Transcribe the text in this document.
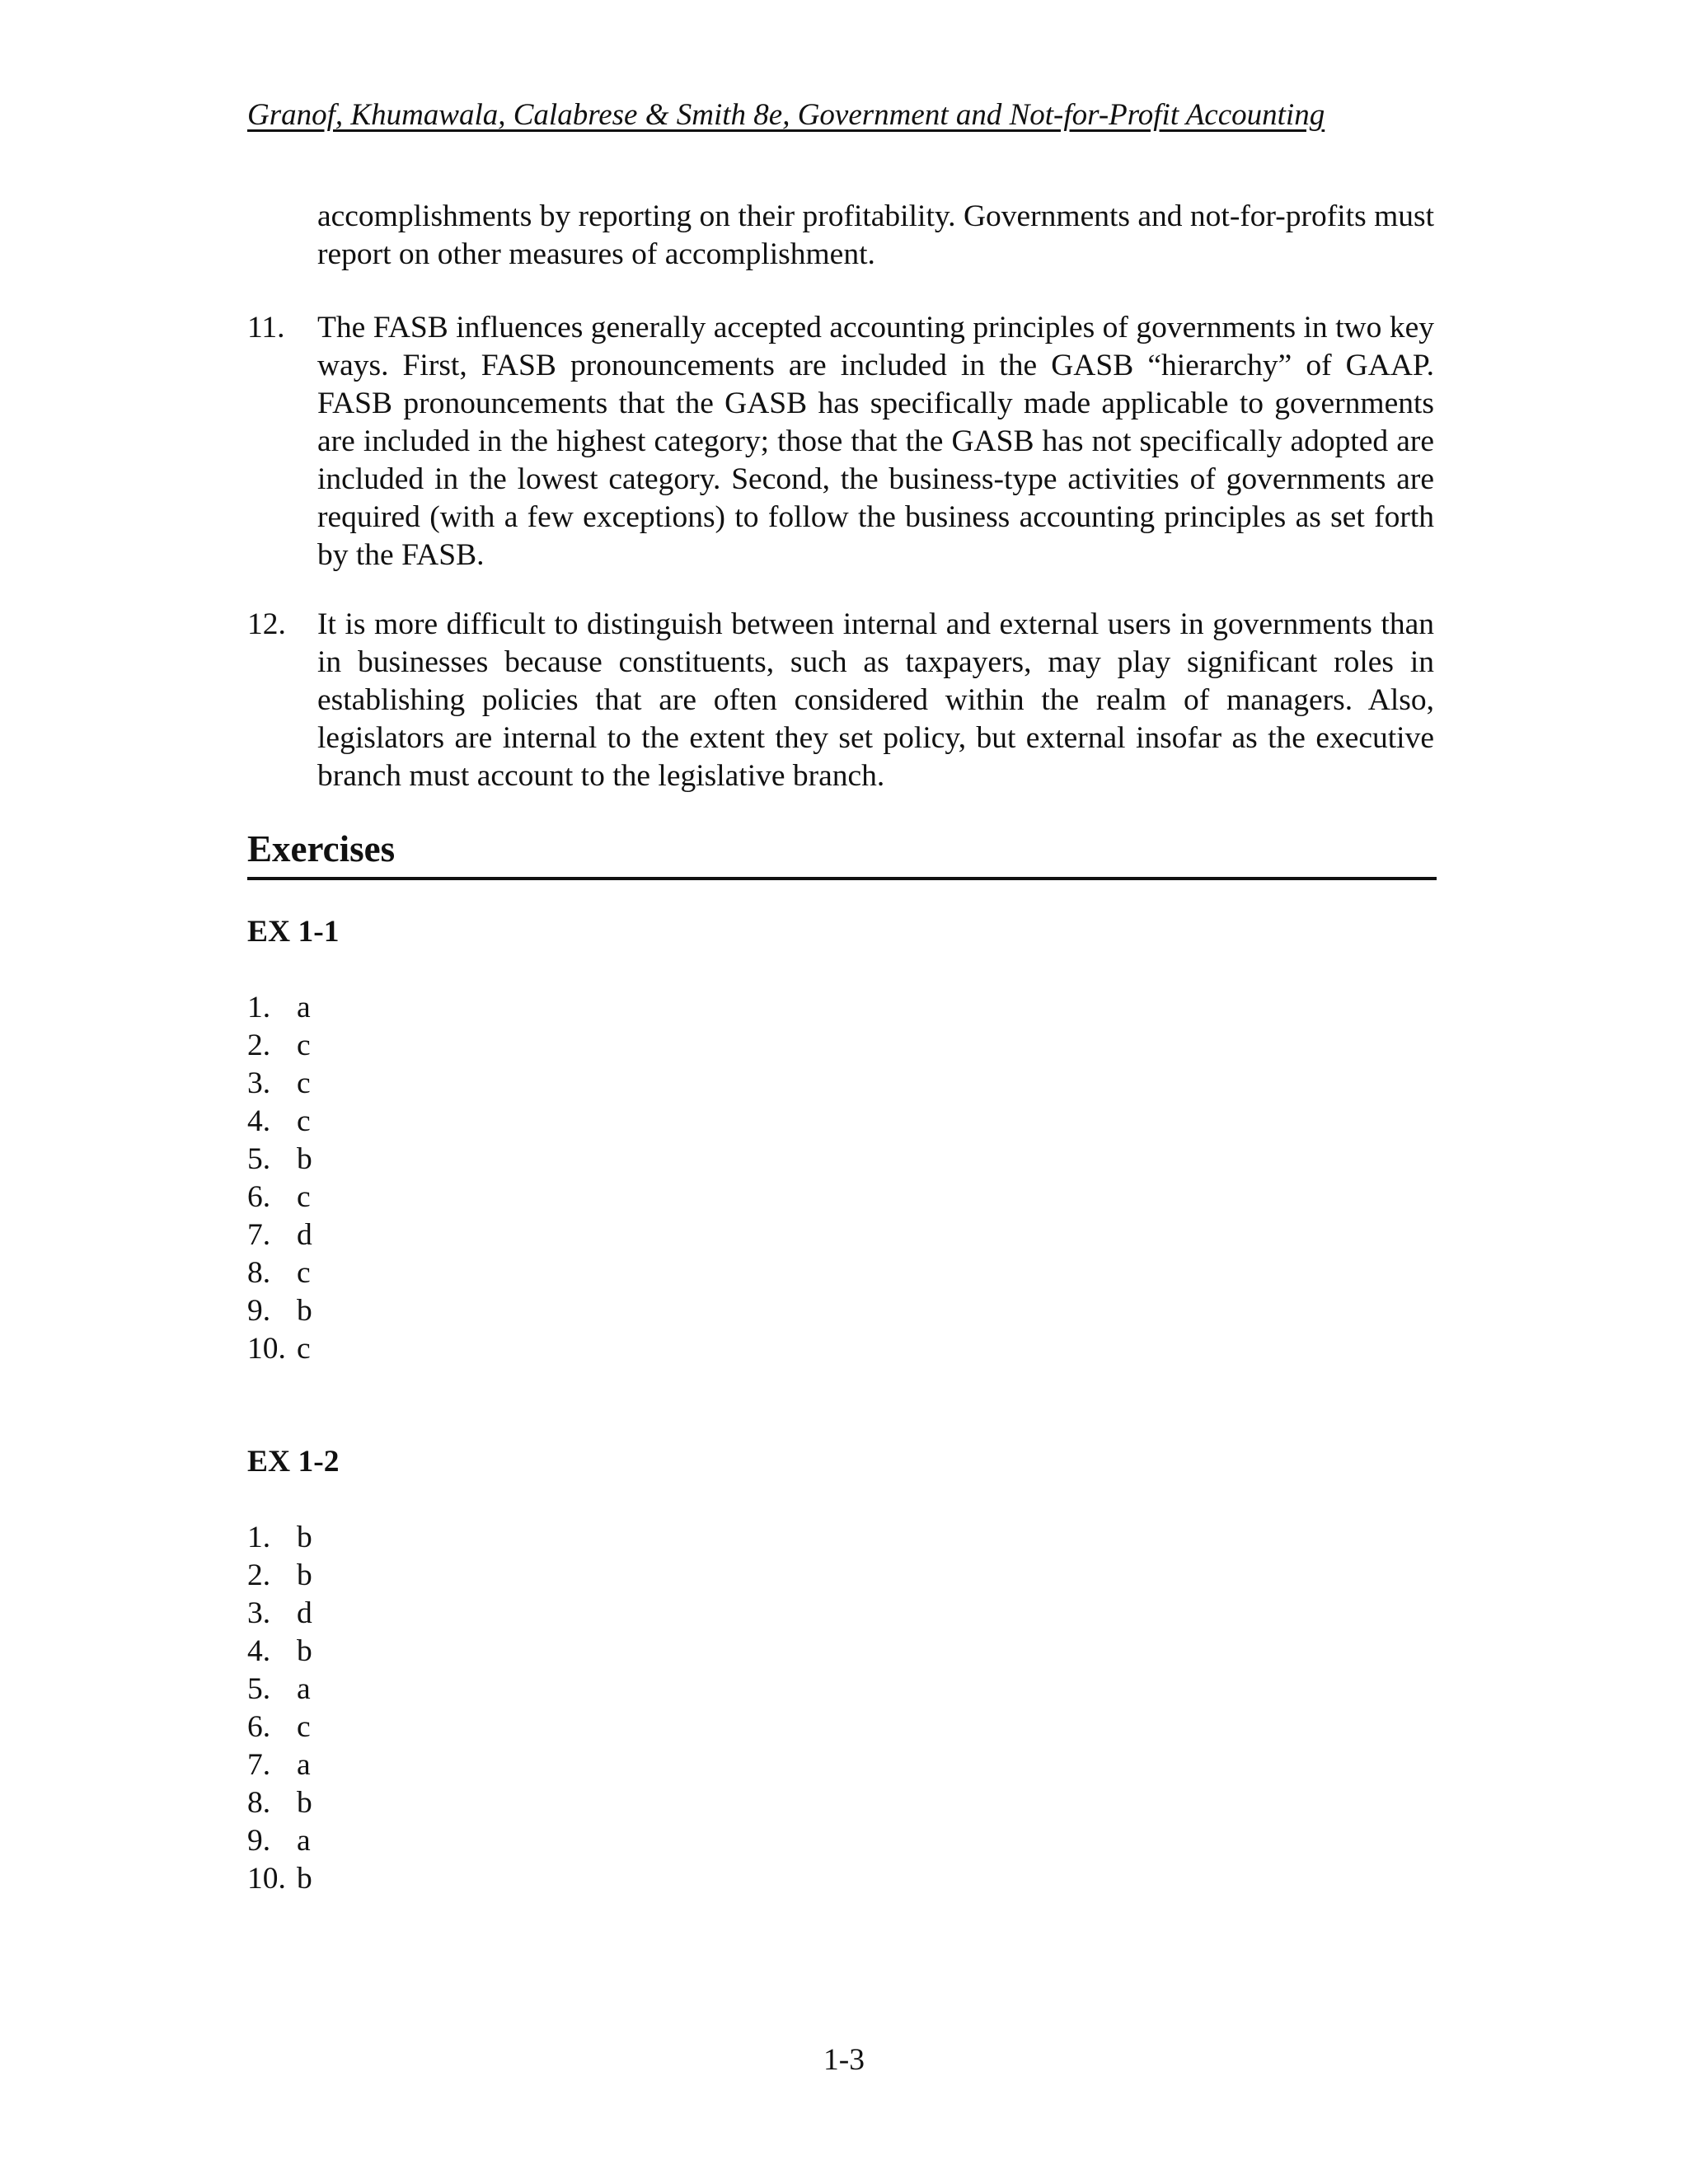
Granof, Khumawala, Calabrese & Smith 8e, Government and Not-for-Profit Accounting
accomplishments by reporting on their profitability. Governments and not-for-profits must report on other measures of accomplishment.
11.	The FASB influences generally accepted accounting principles of governments in two key ways. First, FASB pronouncements are included in the GASB “hierarchy” of GAAP. FASB pronouncements that the GASB has specifically made applicable to governments are included in the highest category; those that the GASB has not specifically adopted are included in the lowest category. Second, the business-type activities of governments are required (with a few exceptions) to follow the business accounting principles as set forth by the FASB.
12.	It is more difficult to distinguish between internal and external users in governments than in businesses because constituents, such as taxpayers, may play significant roles in establishing policies that are often considered within the realm of managers. Also, legislators are internal to the extent they set policy, but external insofar as the executive branch must account to the legislative branch.
Exercises
EX 1-1
1. a
2. c
3. c
4. c
5. b
6. c
7. d
8. c
9. b
10. c
EX 1-2
1. b
2. b
3. d
4. b
5. a
6. c
7. a
8. b
9. a
10. b
1-3
